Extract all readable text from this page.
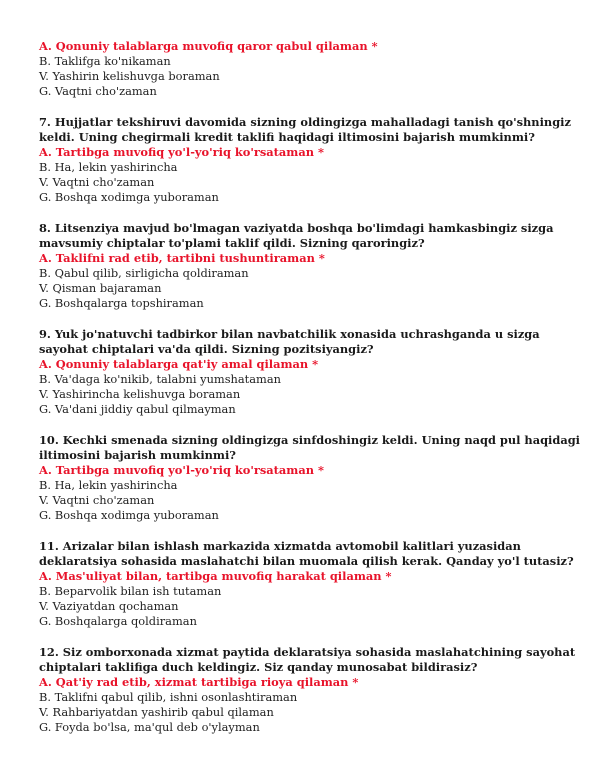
A. Qonuniy talablarga muvofiq qaror qabul qilaman *
B. Taklifga ko'nikaman
V. Yashirin kelishuvga boraman
G. Vaqtni cho'zaman
7. Hujjatlar tekshiruvi davomida sizning oldingizga mahalladagi tanish qo'shningiz
keldi. Uning chegirmali kredit taklifi haqidagi iltimosini bajarish mumkinmi?
A. Tartibga muvofiq yo'l-yo'riq ko'rsataman *
B. Ha, lekin yashirincha
V. Vaqtni cho'zaman
G. Boshqa xodimga yuboraman
8. Litsenziya mavjud bo'lmagan vaziyatda boshqa bo'limdagi hamkasbingiz sizga
mavsumiy chiptalar to'plami taklif qildi. Sizning qaroringiz?
A. Taklifni rad etib, tartibni tushuntiraman *
B. Qabul qilib, sirligicha qoldiraman
V. Qisman bajaraman
G. Boshqalarga topshiraman
9. Yuk jo'natuvchi tadbirkor bilan navbatchilik xonasida uchrashganda u sizga
sayohat chiptalari va'da qildi. Sizning pozitsiyangiz?
A. Qonuniy talablarga qat'iy amal qilaman *
B. Va'daga ko'nikib, talabni yumshataman
V. Yashirincha kelishuvga boraman
G. Va'dani jiddiy qabul qilmayman
10. Kechki smenada sizning oldingizga sinfdoshingiz keldi. Uning naqd pul haqidagi
iltimosini bajarish mumkinmi?
A. Tartibga muvofiq yo'l-yo'riq ko'rsataman *
B. Ha, lekin yashirincha
V. Vaqtni cho'zaman
G. Boshqa xodimga yuboraman
11. Arizalar bilan ishlash markazida xizmatda avtomobil kalitlari yuzasidan
deklaratsiya sohasida maslahatchi bilan muomala qilish kerak. Qanday yo'l tutasiz?
A. Mas'uliyat bilan, tartibga muvofiq harakat qilaman *
B. Beparvolik bilan ish tutaman
V. Vaziyatdan qochaman
G. Boshqalarga qoldiraman
12. Siz omborxonada xizmat paytida deklaratsiya sohasida maslahatchining sayohat
chiptalari taklifiga duch keldingiz. Siz qanday munosabat bildirasiz?
A. Qat'iy rad etib, xizmat tartibiga rioya qilaman *
B. Taklifni qabul qilib, ishni osonlashtiraman
V. Rahbariyatdan yashirib qabul qilaman
G. Foyda bo'lsa, ma'qul deb o'ylayman
